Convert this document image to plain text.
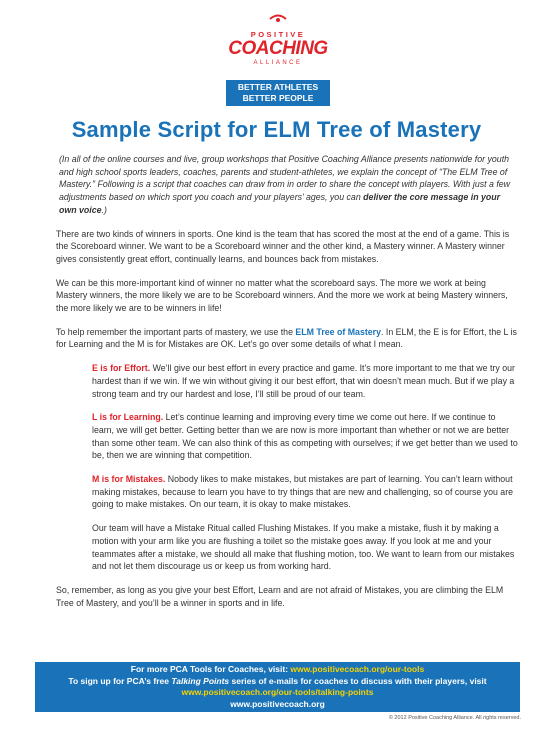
POSITIVE
COACHING
ALLIANCE
BETTER ATHLETES
BETTER PEOPLE
Sample Script for ELM Tree of Mastery

(In all of the online courses and live, group workshops that Positive Coaching Alliance presents nationwide for youth and high school sports leaders, coaches, parents and student-athletes, we explain the concept of “The ELM Tree of Mastery.” Following is a script that coaches can draw from in order to share the concept with players. With just a few adjustments based on which sport you coach and your players’ ages, you can deliver the core message in your own voice.)

There are two kinds of winners in sports. One kind is the team that has scored the most at the end of a game. This is the Scoreboard winner. We want to be a Scoreboard winner and the other kind, a Mastery winner. A Mastery winner gives consistently great effort, continually learns, and bounces back from mistakes.

We can be this more-important kind of winner no matter what the scoreboard says. The more we work at being Mastery winners, the more likely we are to be Scoreboard winners. And the more we work at being Mastery winners, the more likely we are to be winners in life!

To help remember the important parts of mastery, we use the ELM Tree of Mastery. In ELM, the E is for Effort, the L is for Learning and the M is for Mistakes are OK. Let’s go over some details of what I mean.

E is for Effort. We’ll give our best effort in every practice and game. It’s more important to me that we try our hardest than if we win. If we win without giving it our best effort, that win doesn’t mean much. But if we play a strong team and try our hardest and lose, I’ll still be proud of our team.

L is for Learning. Let’s continue learning and improving every time we come out here. If we continue to learn, we will get better. Getting better than we are now is more important than whether or not we are better than some other team. We can also think of this as competing with ourselves; if we get better than we used to be, then we are winning that competition.

M is for Mistakes. Nobody likes to make mistakes, but mistakes are part of learning. You can’t learn without making mistakes, because to learn you have to try things that are new and challenging, so of course you are going to make mistakes. On our team, it is okay to make mistakes.

Our team will have a Mistake Ritual called Flushing Mistakes. If you make a mistake, flush it by making a motion with your arm like you are flushing a toilet so the mistake goes away. If you look at me and your teammates after a mistake, we should all make that flushing motion, too. We want to learn from our mistakes and not let them discourage us or keep us from working hard.

So, remember, as long as you give your best Effort, Learn and are not afraid of Mistakes, you are climbing the ELM Tree of Mastery, and you’ll be a winner in sports and in life.

For more PCA Tools for Coaches, visit: www.positivecoach.org/our-tools
To sign up for PCA’s free Talking Points series of e-mails for coaches to discuss with their players, visit
www.positivecoach.org/our-tools/talking-points
www.positivecoach.org
© 2012 Positive Coaching Alliance. All rights reserved.
